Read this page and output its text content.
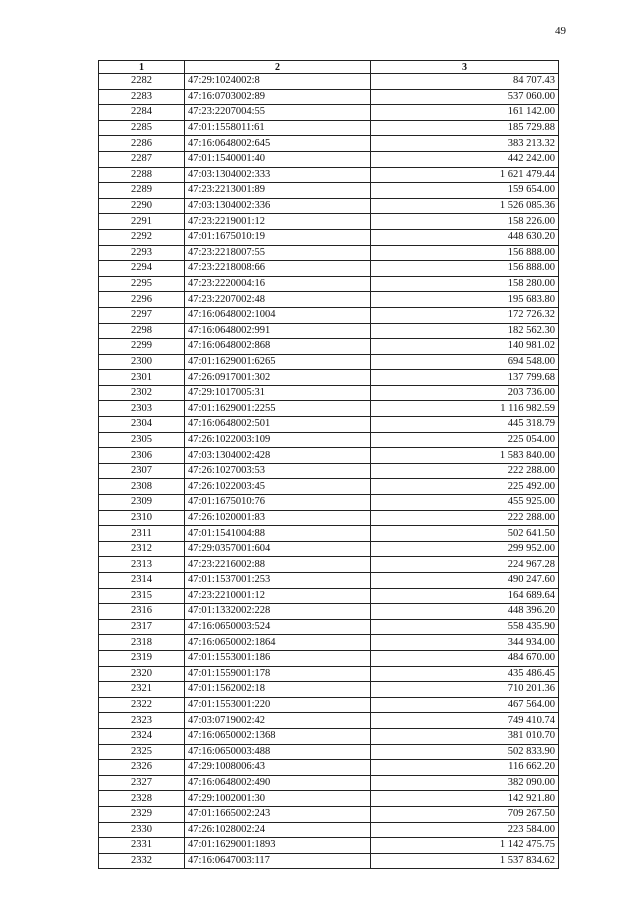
49
1	2	3
2282	47:29:1024002:8	84 707.43
2283	47:16:0703002:89	537 060.00
2284	47:23:2207004:55	161 142.00
2285	47:01:1558011:61	185 729.88
2286	47:16:0648002:645	383 213.32
2287	47:01:1540001:40	442 242.00
2288	47:03:1304002:333	1 621 479.44
2289	47:23:2213001:89	159 654.00
2290	47:03:1304002:336	1 526 085.36
2291	47:23:2219001:12	158 226.00
2292	47:01:1675010:19	448 630.20
2293	47:23:2218007:55	156 888.00
2294	47:23:2218008:66	156 888.00
2295	47:23:2220004:16	158 280.00
2296	47:23:2207002:48	195 683.80
2297	47:16:0648002:1004	172 726.32
2298	47:16:0648002:991	182 562.30
2299	47:16:0648002:868	140 981.02
2300	47:01:1629001:6265	694 548.00
2301	47:26:0917001:302	137 799.68
2302	47:29:1017005:31	203 736.00
2303	47:01:1629001:2255	1 116 982.59
2304	47:16:0648002:501	445 318.79
2305	47:26:1022003:109	225 054.00
2306	47:03:1304002:428	1 583 840.00
2307	47:26:1027003:53	222 288.00
2308	47:26:1022003:45	225 492.00
2309	47:01:1675010:76	455 925.00
2310	47:26:1020001:83	222 288.00
2311	47:01:1541004:88	502 641.50
2312	47:29:0357001:604	299 952.00
2313	47:23:2216002:88	224 967.28
2314	47:01:1537001:253	490 247.60
2315	47:23:2210001:12	164 689.64
2316	47:01:1332002:228	448 396.20
2317	47:16:0650003:524	558 435.90
2318	47:16:0650002:1864	344 934.00
2319	47:01:1553001:186	484 670.00
2320	47:01:1559001:178	435 486.45
2321	47:01:1562002:18	710 201.36
2322	47:01:1553001:220	467 564.00
2323	47:03:0719002:42	749 410.74
2324	47:16:0650002:1368	381 010.70
2325	47:16:0650003:488	502 833.90
2326	47:29:1008006:43	116 662.20
2327	47:16:0648002:490	382 090.00
2328	47:29:1002001:30	142 921.80
2329	47:01:1665002:243	709 267.50
2330	47:26:1028002:24	223 584.00
2331	47:01:1629001:1893	1 142 475.75
2332	47:16:0647003:117	1 537 834.62
